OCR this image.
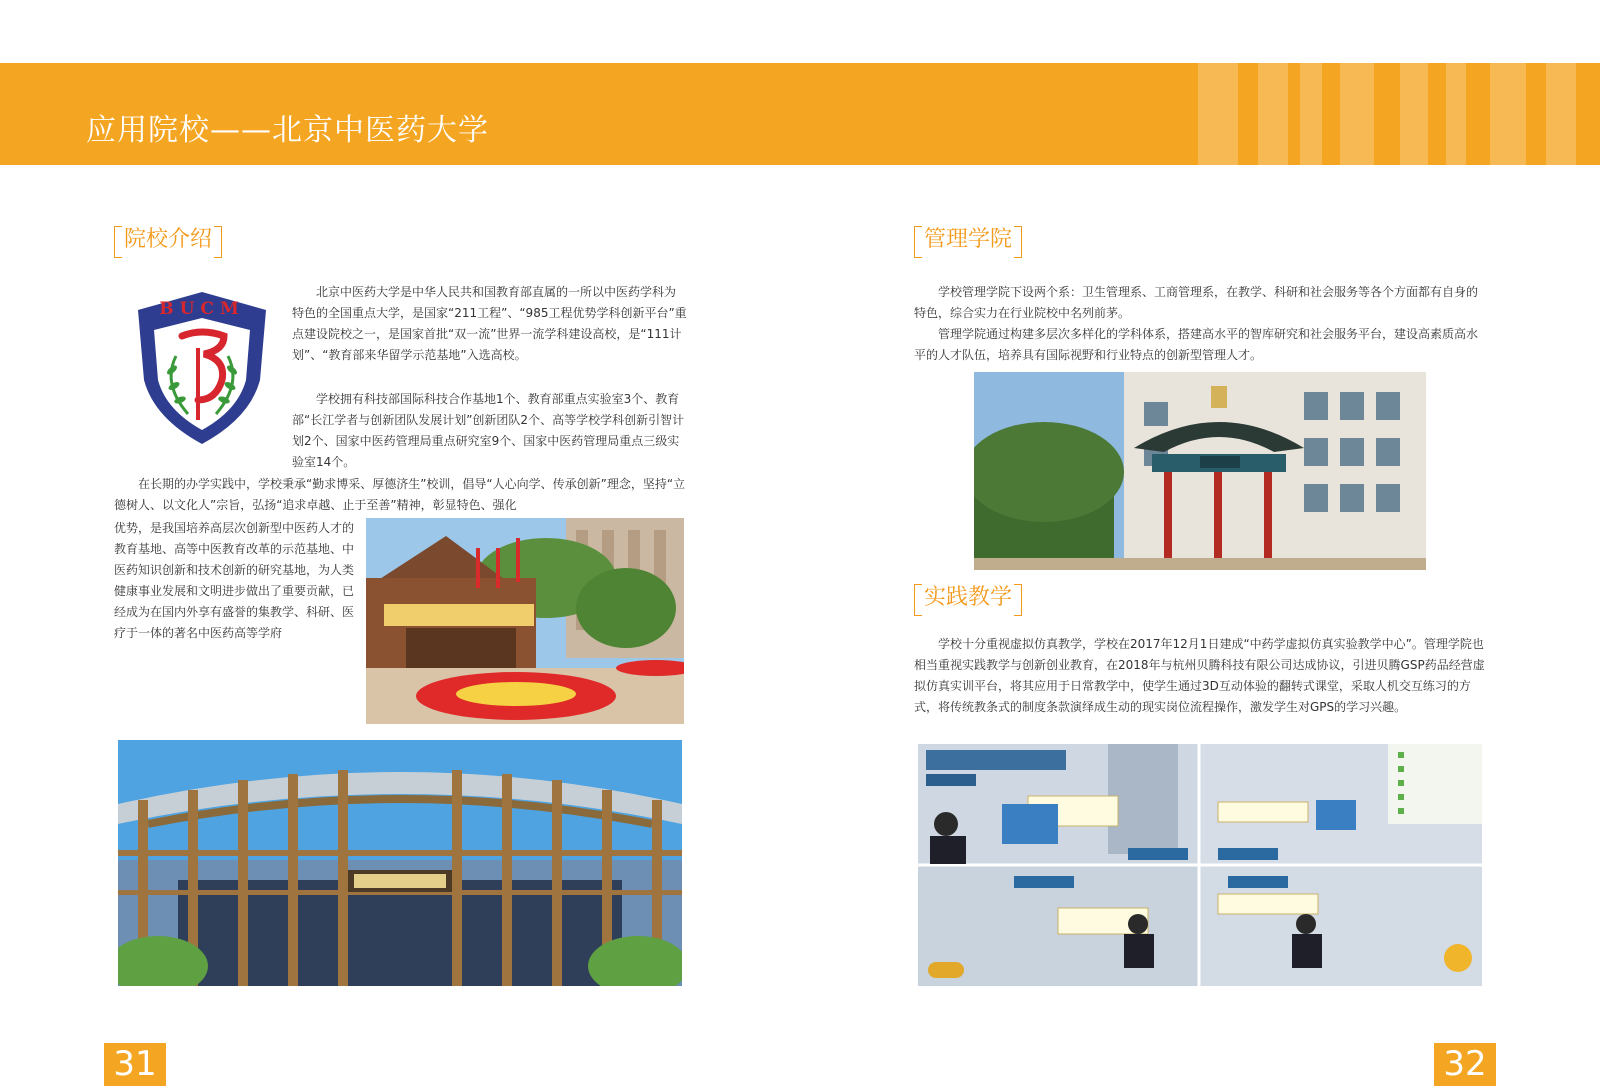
应用院校——北京中医药大学
院校介绍
BUCM

北京中医药大学是中华人民共和国教育部直属的一所以中医药学科为特色的全国重点大学，是国家“211工程”、“985工程优势学科创新平台”重点建设院校之一，是国家首批“双一流”世界一流学科建设高校，是“111计划”、“教育部来华留学示范基地”入选高校。

学校拥有科技部国际科技合作基地1个、教育部重点实验室3个、教育部“长江学者与创新团队发展计划”创新团队2个、高等学校学科创新引智计划2个、国家中医药管理局重点研究室9个、国家中医药管理局重点三级实验室14个。

在长期的办学实践中，学校秉承“勤求博采、厚德济生”校训，倡导“人心向学、传承创新”理念，坚持“立德树人、以文化人”宗旨，弘扬“追求卓越、止于至善”精神，彰显特色、强化

优势，是我国培养高层次创新型中医药人才的教育基地、高等中医教育改革的示范基地、中医药知识创新和技术创新的研究基地，为人类健康事业发展和文明进步做出了重要贡献，已经成为在国内外享有盛誉的集教学、科研、医疗于一体的著名中医药高等学府

31
管理学院

学校管理学院下设两个系：卫生管理系、工商管理系，在教学、科研和社会服务等各个方面都有自身的特色，综合实力在行业院校中名列前茅。

管理学院通过构建多层次多样化的学科体系，搭建高水平的智库研究和社会服务平台，建设高素质高水平的人才队伍，培养具有国际视野和行业特点的创新型管理人才。

实践教学

学校十分重视虚拟仿真教学，学校在2017年12月1日建成“中药学虚拟仿真实验教学中心”。管理学院也相当重视实践教学与创新创业教育，在2018年与杭州贝腾科技有限公司达成协议，引进贝腾GSP药品经营虚拟仿真实训平台，将其应用于日常教学中，使学生通过3D互动体验的翻转式课堂，采取人机交互练习的方式，将传统教条式的制度条款演绎成生动的现实岗位流程操作，激发学生对GPS的学习兴趣。

32
